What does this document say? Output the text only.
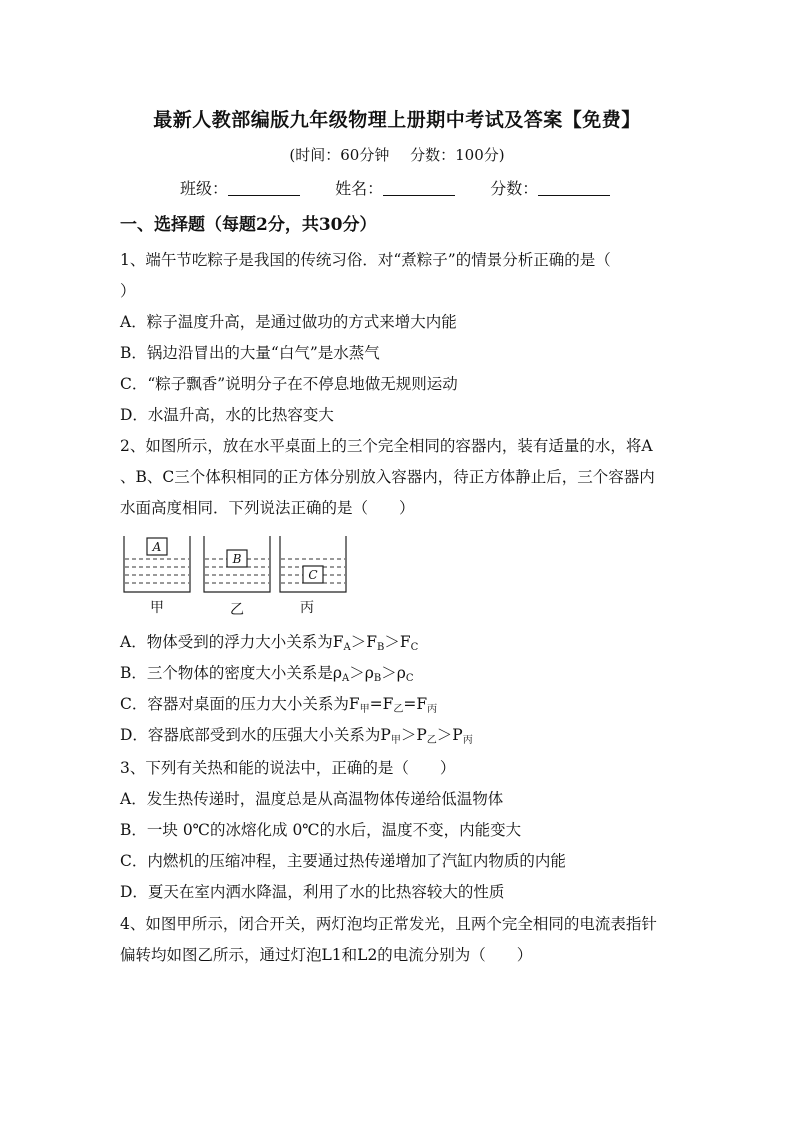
最新人教部编版九年级物理上册期中考试及答案【免费】
(时间：60分钟 分数：100分)
班级：	姓名：	分数：
一、选择题（每题2分，共30分）
1、端午节吃粽子是我国的传统习俗．对“煮粽子”的情景分析正确的是（
）
A．粽子温度升高，是通过做功的方式来增大内能
B．锅边沿冒出的大量“白气”是水蒸气
C．“粽子飘香”说明分子在不停息地做无规则运动
D．水温升高，水的比热容变大
2、如图所示，放在水平桌面上的三个完全相同的容器内，装有适量的水，将A
、B、C三个体积相同的正方体分别放入容器内，待正方体静止后，三个容器内
水面高度相同．下列说法正确的是（　　）
A
B
C
甲	乙	丙
A．物体受到的浮力大小关系为$F_A>F_B>F_C$
B．三个物体的密度大小关系是$\rho_A>\rho_B>\rho_C$
C．容器对桌面的压力大小关系为$F_甲=F_乙=F_丙$
D．容器底部受到水的压强大小关系为$P_甲>P_乙>P_丙$
3、下列有关热和能的说法中，正确的是（　　）
A．发生热传递时，温度总是从高温物体传递给低温物体
B．一块 0℃的冰熔化成 0℃的水后，温度不变，内能变大
C．内燃机的压缩冲程，主要通过热传递增加了汽缸内物质的内能
D．夏天在室内洒水降温，利用了水的比热容较大的性质
4、如图甲所示，闭合开关，两灯泡均正常发光，且两个完全相同的电流表指针
偏转均如图乙所示，通过灯泡L1和L2的电流分别为（　　）
